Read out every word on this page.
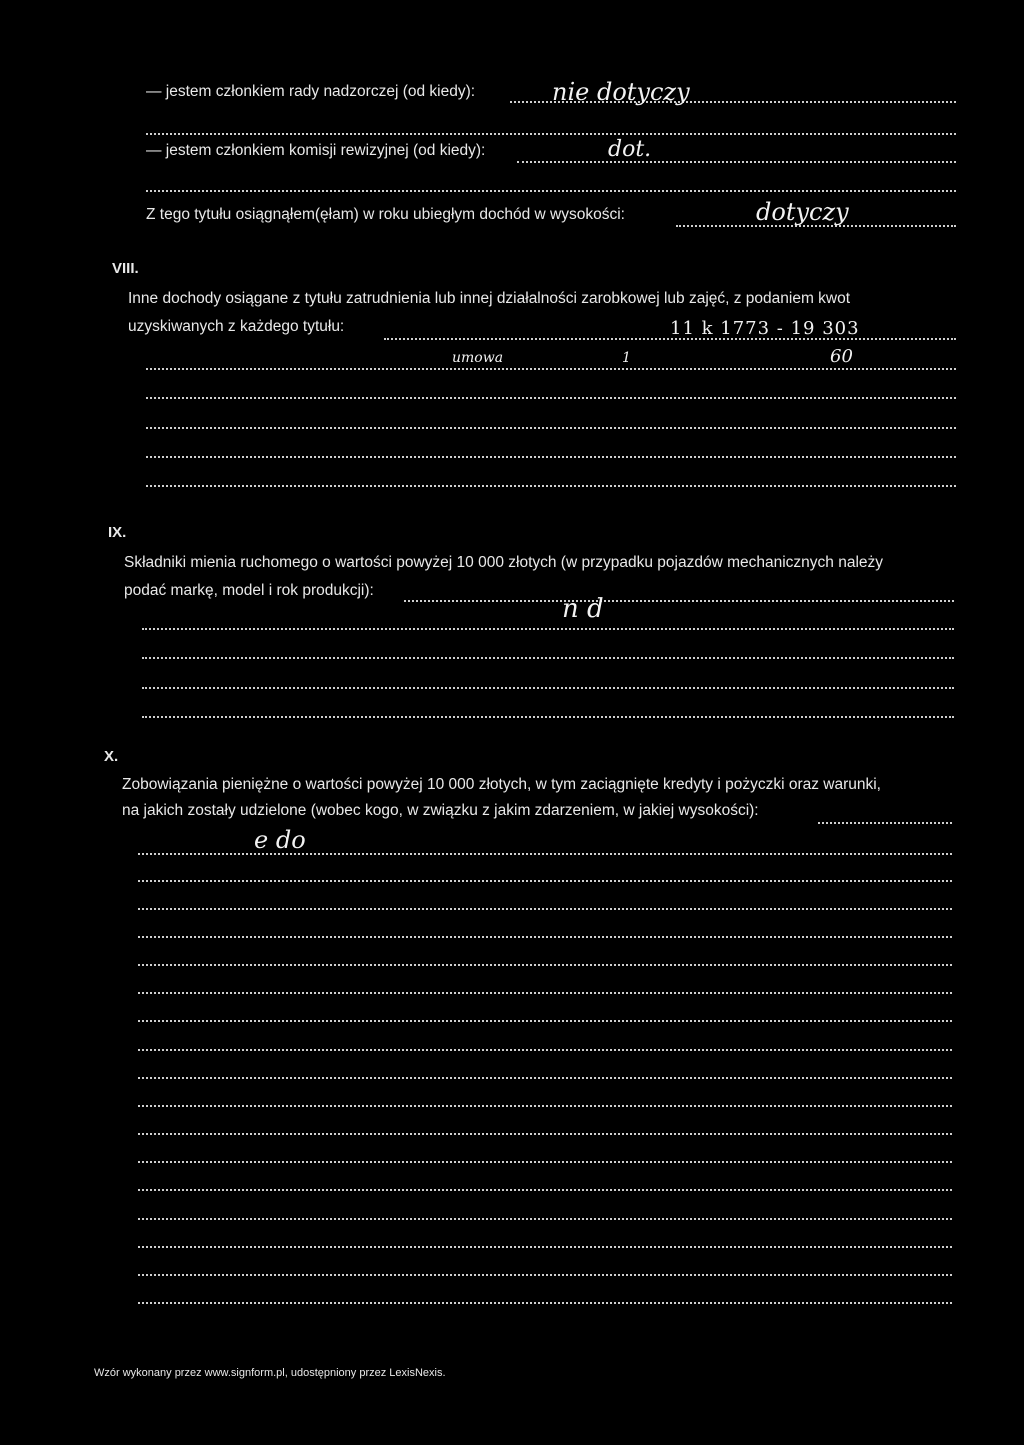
— jestem członkiem rady nadzorczej (od kiedy):	nie dotyczy
— jestem członkiem komisji rewizyjnej (od kiedy):	dot.
Z tego tytułu osiągnąłem(ęłam) w roku ubiegłym dochód w wysokości:	dotyczy
VIII.
Inne dochody osiągane z tytułu zatrudnienia lub innej działalności zarobkowej lub zajęć, z podaniem kwot
uzyskiwanych z każdego tytułu:	11 k 1773 - 19 303
umowa	1	60
IX.
Składniki mienia ruchomego o wartości powyżej 10 000 złotych (w przypadku pojazdów mechanicznych należy
podać markę, model i rok produkcji):
n d
X.
Zobowiązania pieniężne o wartości powyżej 10 000 złotych, w tym zaciągnięte kredyty i pożyczki oraz warunki,
na jakich zostały udzielone (wobec kogo, w związku z jakim zdarzeniem, w jakiej wysokości):
e do
Wzór wykonany przez www.signform.pl, udostępniony przez LexisNexis.
